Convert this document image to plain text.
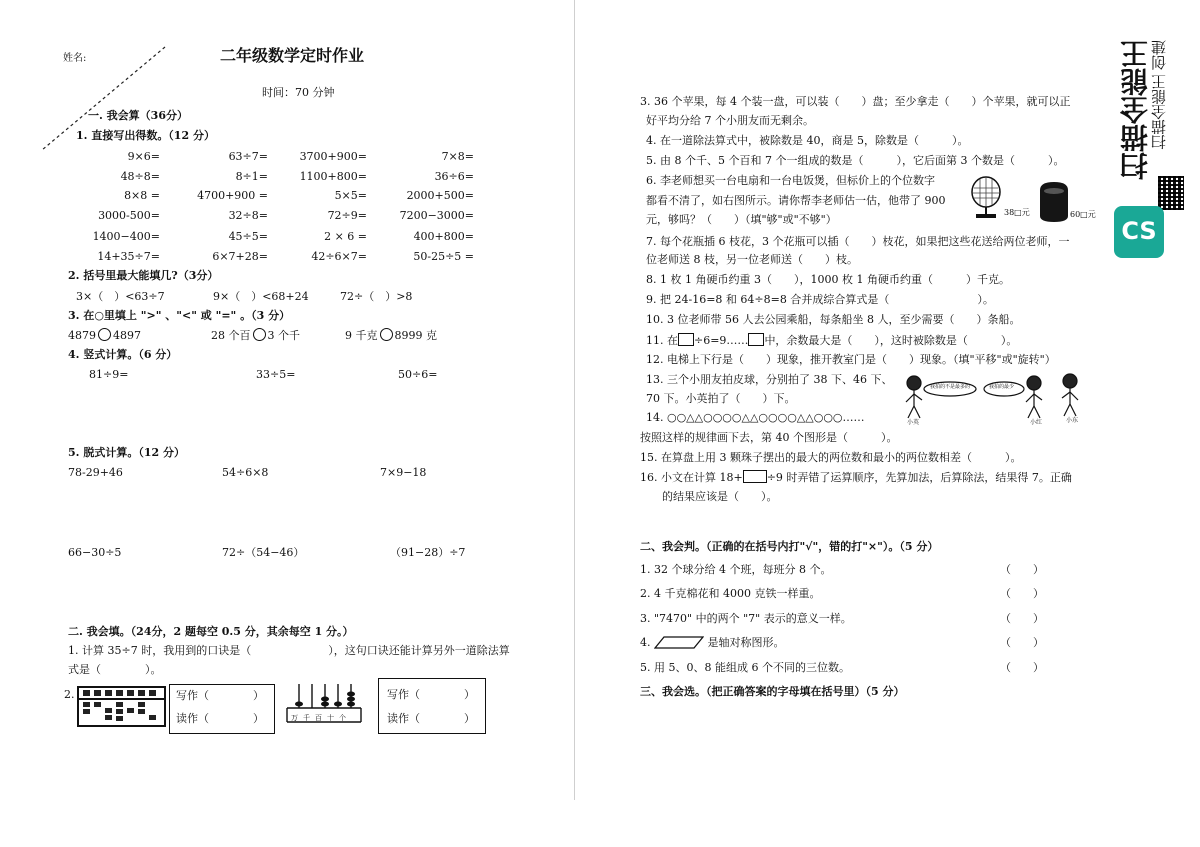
姓名:	二年级数学定时作业
时间：70 分钟
一. 我会算（36分）
1. 直接写出得数。（12 分）
9×6=	63÷7=	3700+900=	7×8=
48÷8=	8÷1=	1100+800=	36÷6=
8×8 =	4700+900 =	5×5=	2000+500=
3000-500=	32÷8=	72÷9=	7200−3000=
1400−400=	45÷5=	2 × 6 =	400+800=
14+35÷7=	6×7+28=	42÷6×7=	50-25÷5 =
2. 括号里最大能填几?（3分）
3×（　）<63÷7	9×（　）<68+24	72÷（　）>8
3. 在○里填上 ">" 、"<" 或 "=" 。（3 分）
4879 4897	28 个百 3 个千	9 千克 8999 克
4. 竖式计算。（6 分）
81÷9=	33÷5=	50÷6=
5. 脱式计算。（12 分）
78-29+46	54÷6×8	7×9−18
66−30÷5	72÷（54−46）	（91−28）÷7
二. 我会填。（24分，2 题每空 0.5 分，其余每空 1 分。）
1. 计算 35÷7 时，我用到的口诀是（　　　　　　　），这句口诀还能计算另外一道除法算
式是（　　　　）。
2.	写作（　　　　）
读作（　　　　）	万千百十个
写作（　　　　）
读作（　　　　）
3. 36 个苹果，每 4 个装一盘，可以装（　　）盘；至少拿走（　　）个苹果，就可以正
好平均分给 7 个小朋友而无剩余。
4. 在一道除法算式中，被除数是 40，商是 5，除数是（　　　）。
5. 由 8 个千、5 个百和 7 个一组成的数是（　　　），它后面第 3 个数是（　　　）。
6. 李老师想买一台电扇和一台电饭煲，但标价上的个位数字
都看不清了，如右图所示。请你帮李老师估一估，他带了 900
元，够吗？（　　）（填"够"或"不够"）
38□元	60□元
7. 每个花瓶插 6 枝花，3 个花瓶可以插（　　）枝花，如果把这些花送给两位老师，一
位老师送 8 枝，另一位老师送（　　）枝。
8. 1 枚 1 角硬币约重 3（　　），1000 枚 1 角硬币约重（　　　）千克。
9. 把 24-16=8 和 64÷8=8 合并成综合算式是（　　　　　　　　）。
10. 3 位老师带 56 人去公园乘船，每条船坐 8 人，至少需要（　　）条船。
11. 在 ÷6=9…… 中，余数最大是（　　），这时被除数是（　　　）。
12. 电梯上下行是（　　）现象，推开教室门是（　　）现象。（填"平移"或"旋转"）
13. 三个小朋友拍皮球，分别拍了 38 下、46 下、
70 下。小英拍了（　　）下。
我拍的不是最多的	我拍的最少
小英	小红	小东
14. ○○△△○○○○△△○○○○△△○○○……
按照这样的规律画下去，第 40 个图形是（　　　）。
15. 在算盘上用 3 颗珠子摆出的最大的两位数和最小的两位数相差（　　　）。
16. 小文在计算 18+ ÷9 时弄错了运算顺序，先算加法，后算除法，结果得 7。正确
的结果应该是（　　）。
二、我会判。（正确的在括号内打"√"，错的打"×"）。（5 分）
1. 32 个球分给 4 个班，每班分 8 个。	（　　）
2. 4 千克棉花和 4000 克铁一样重。	（　　）
3. "7470" 中的两个 "7" 表示的意义一样。	（　　）
4.	是轴对称图形。	（　　）
5. 用 5、0、8 能组成 6 个不同的三位数。	（　　）
三、我会选。（把正确答案的字母填在括号里）（5 分）
扫描全能王
扫描全能王 创建
CS
